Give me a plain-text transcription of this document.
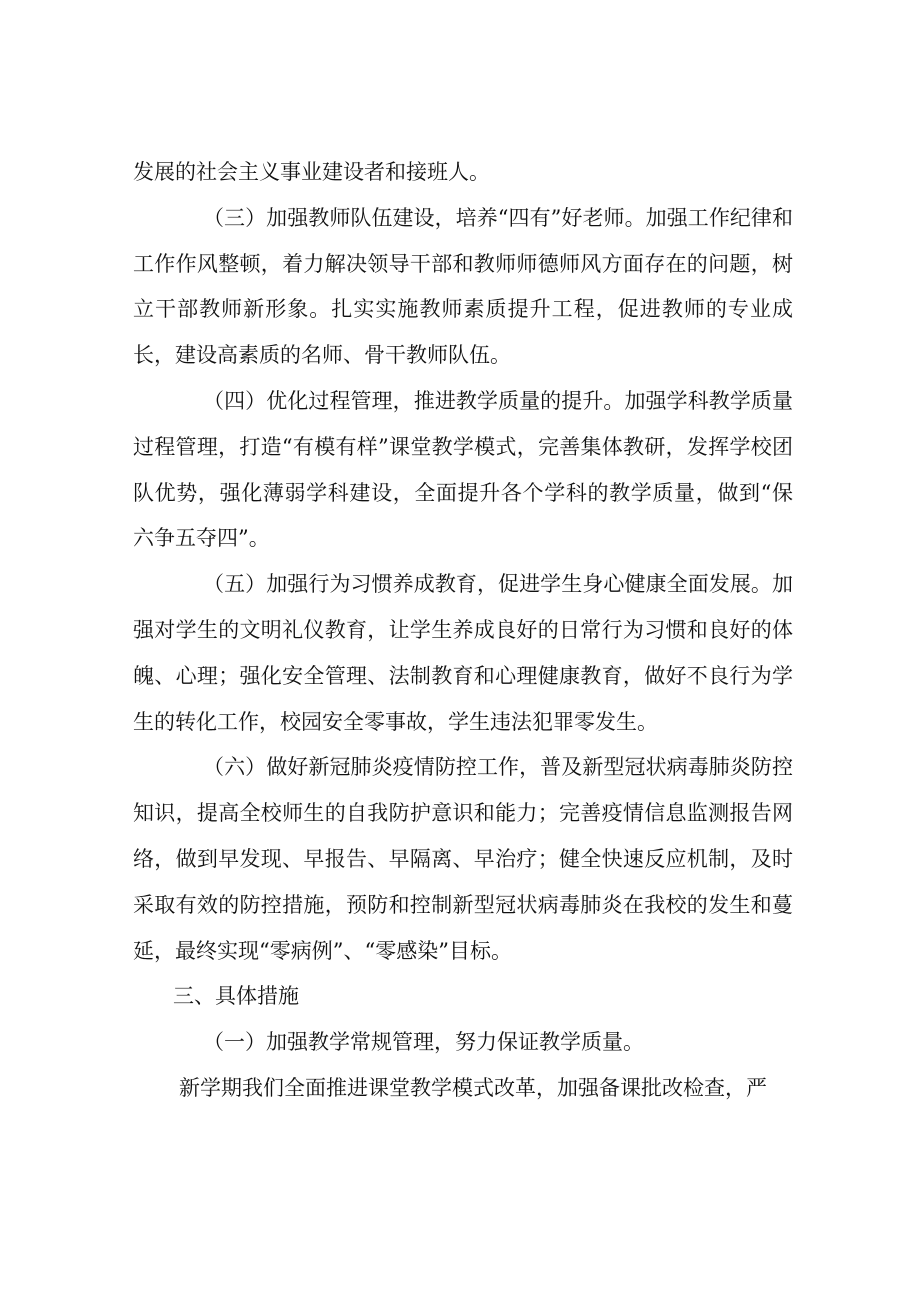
发展的社会主义事业建设者和接班人。

（三）加强教师队伍建设，培养“四有”好老师。加强工作纪律和工作作风整顿，着力解决领导干部和教师师德师风方面存在的问题，树立干部教师新形象。扎实实施教师素质提升工程，促进教师的专业成长，建设高素质的名师、骨干教师队伍。

（四）优化过程管理，推进教学质量的提升。加强学科教学质量过程管理，打造“有模有样”课堂教学模式，完善集体教研，发挥学校团队优势，强化薄弱学科建设，全面提升各个学科的教学质量，做到“保六争五夺四”。

（五）加强行为习惯养成教育，促进学生身心健康全面发展。加强对学生的文明礼仪教育，让学生养成良好的日常行为习惯和良好的体魄、心理；强化安全管理、法制教育和心理健康教育，做好不良行为学生的转化工作，校园安全零事故，学生违法犯罪零发生。

（六）做好新冠肺炎疫情防控工作，普及新型冠状病毒肺炎防控知识，提高全校师生的自我防护意识和能力；完善疫情信息监测报告网络，做到早发现、早报告、早隔离、早治疗；健全快速反应机制，及时采取有效的防控措施，预防和控制新型冠状病毒肺炎在我校的发生和蔓延，最终实现“零病例”、“零感染”目标。

三、具体措施

（一）加强教学常规管理，努力保证教学质量。

新学期我们全面推进课堂教学模式改革，加强备课批改检查，严
